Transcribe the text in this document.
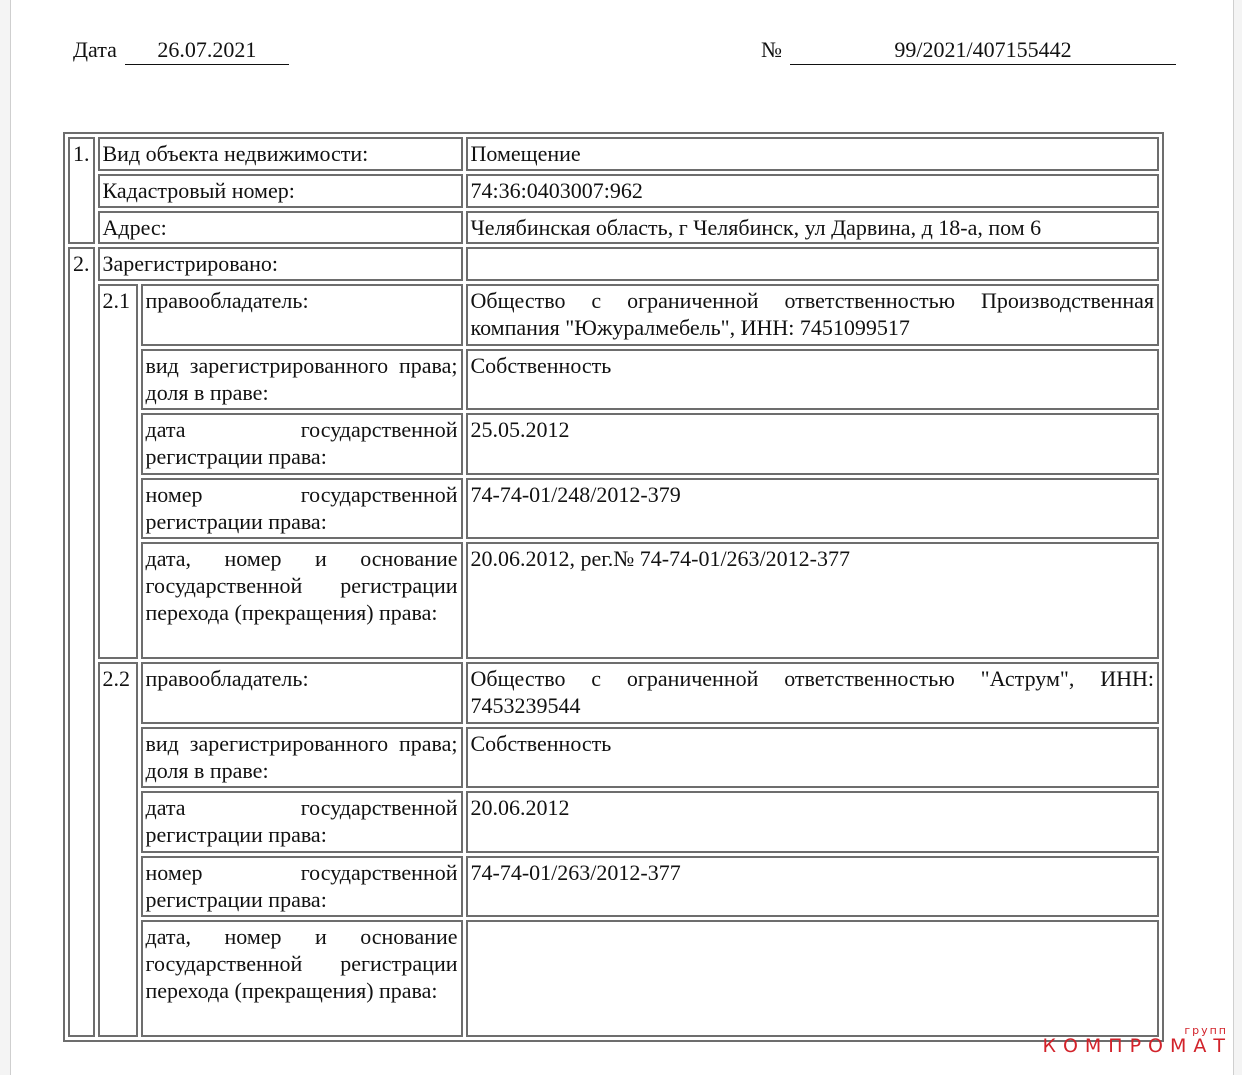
Дата 26.07.2021	№	99/2021/407155442
1.	Вид объекта недвижимости:		Помещение
	Кадастровый номер:		74:36:0403007:962
	Адрес:		Челябинская область, г Челябинск, ул Дарвина, д 18-а, пом 6
2.	Зарегистрировано:		
	2.1	правообладатель:	Общество с ограниченной ответственностью Производственная компания "Южуралмебель", ИНН: 7451099517
		вид зарегистрированного права; доля в праве:	Собственность
		дата государственной регистрации права:	25.05.2012
		номер государственной регистрации права:	74-74-01/248/2012-379
		дата, номер и основание государственной регистрации перехода (прекращения) права:	20.06.2012, рег.№ 74-74-01/263/2012-377
	2.2	правообладатель:	Общество с ограниченной ответственностью "Аструм", ИНН: 7453239544
		вид зарегистрированного права; доля в праве:	Собственность
		дата государственной регистрации права:	20.06.2012
		номер государственной регистрации права:	74-74-01/263/2012-377
		дата, номер и основание государственной регистрации перехода (прекращения) права:	
групп
КОМПРОМАТ
